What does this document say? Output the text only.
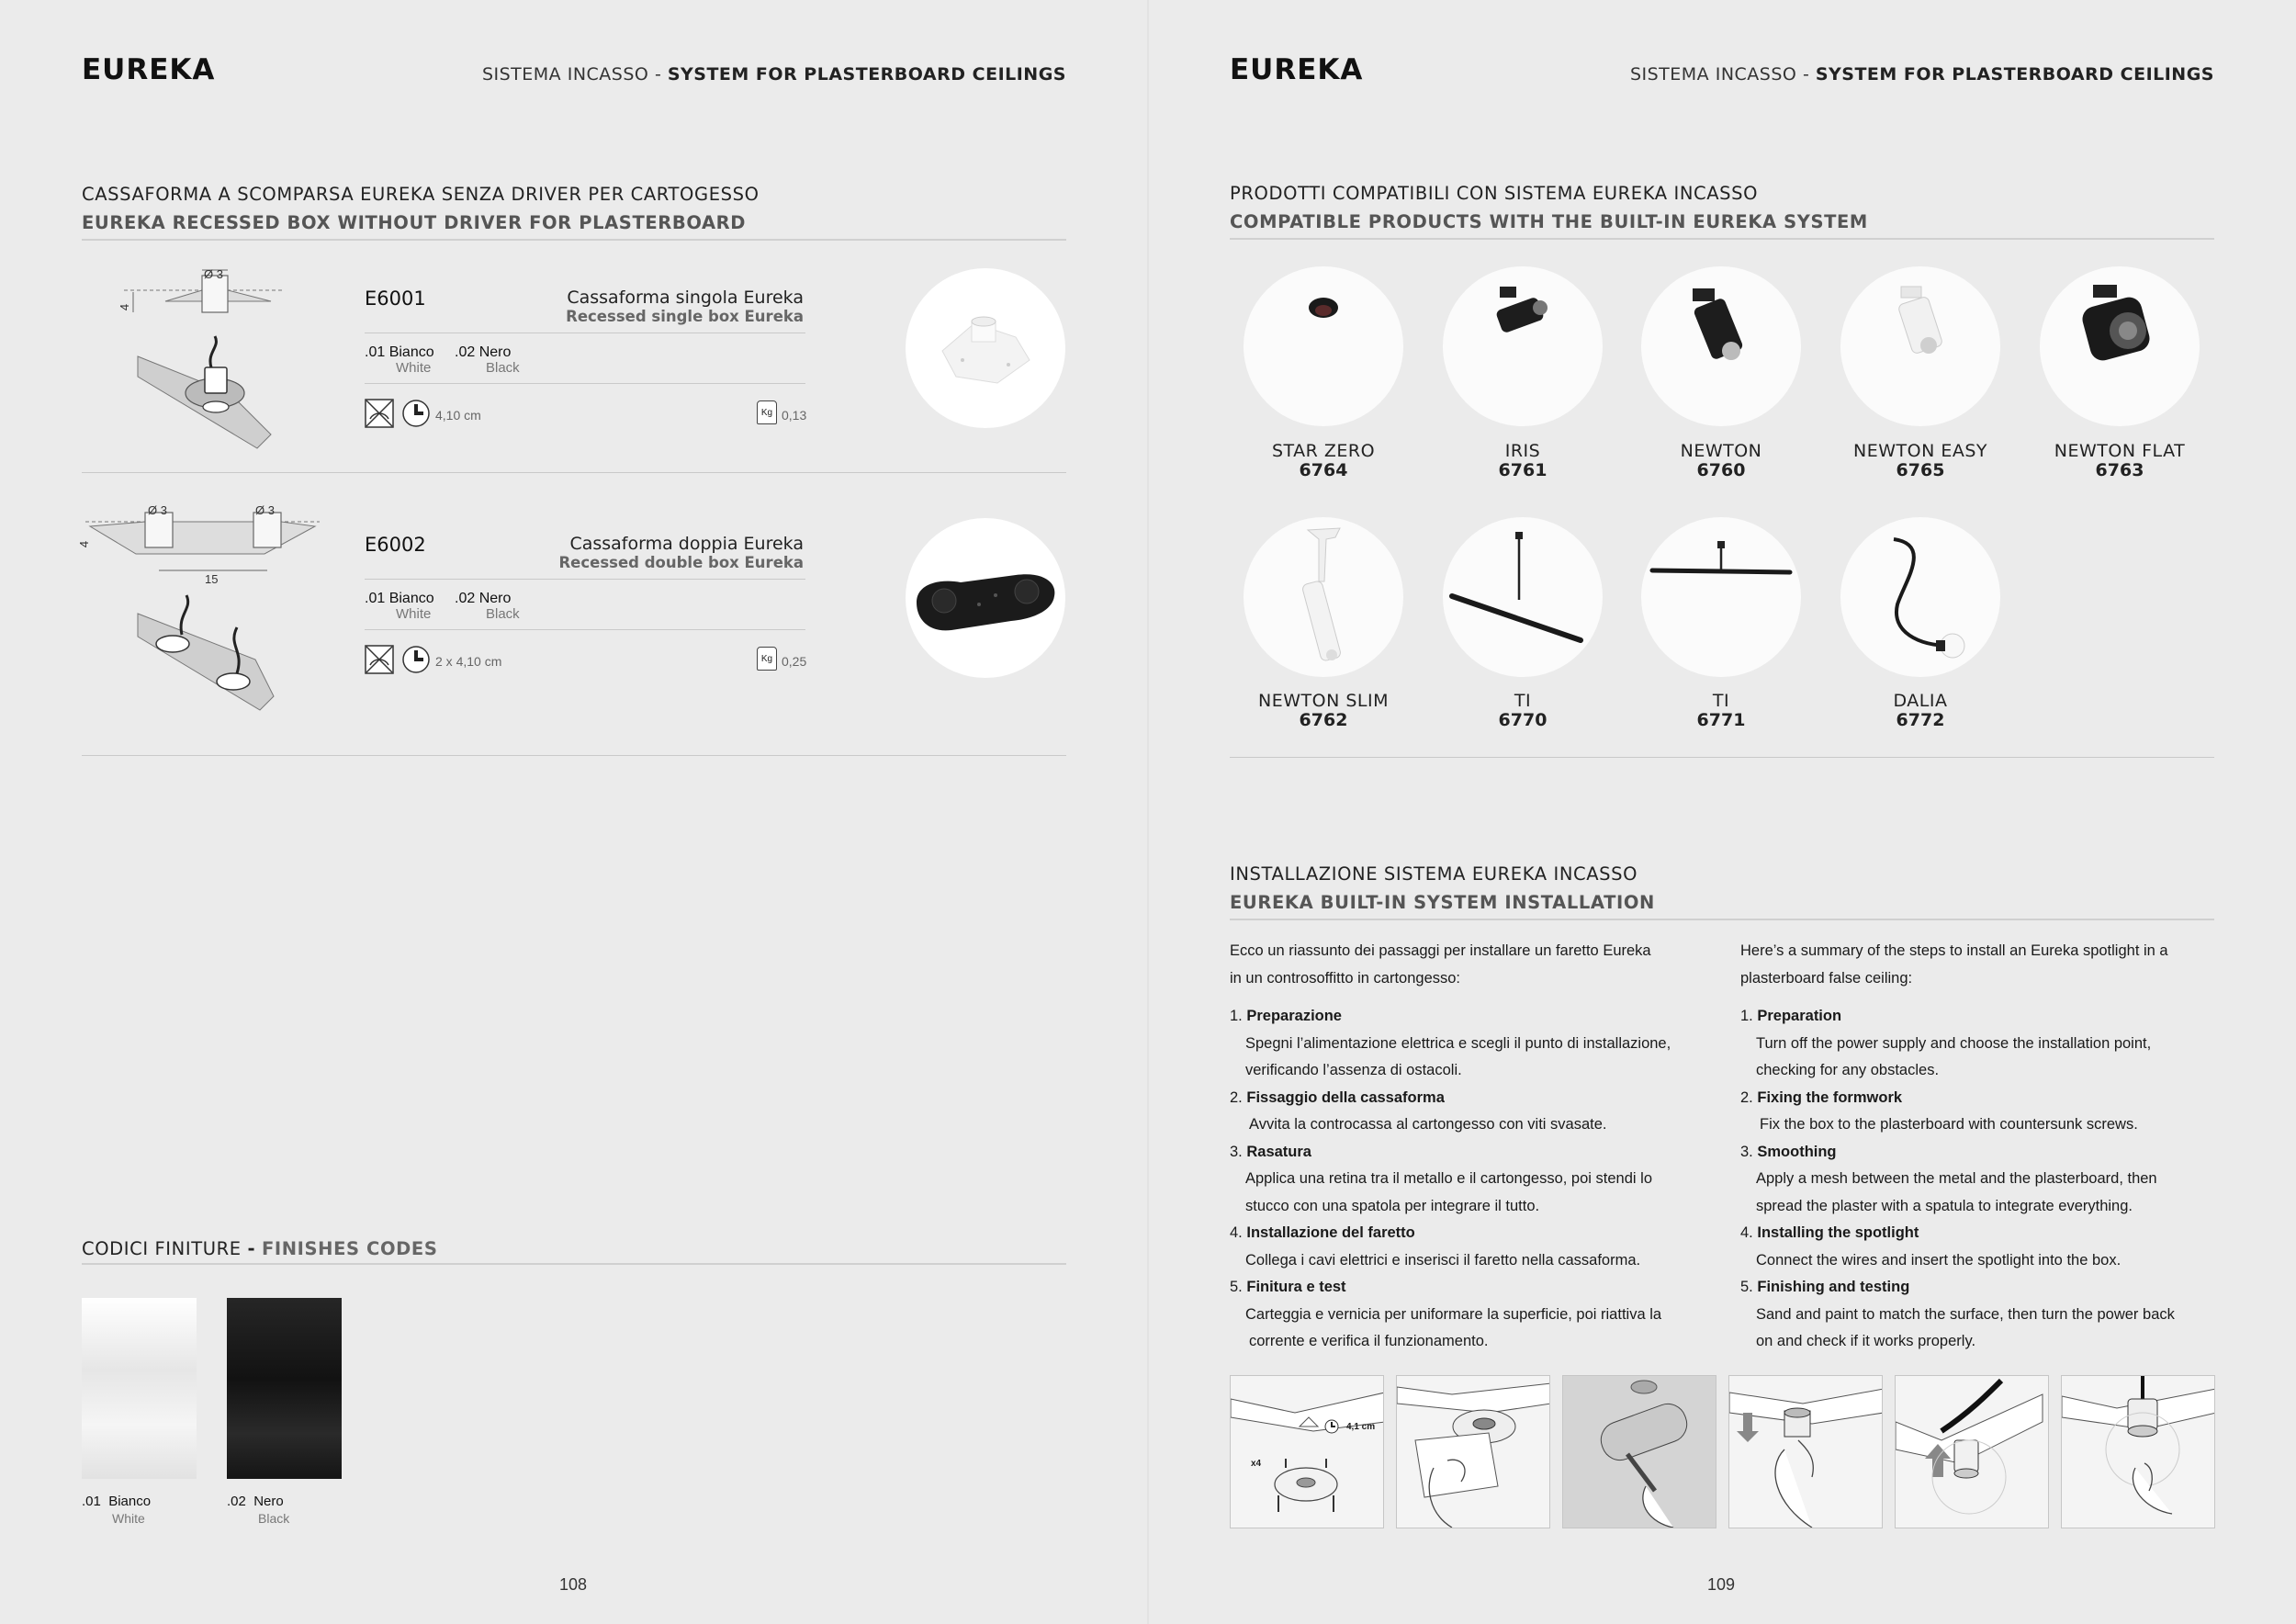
EUREKA	SISTEMA INCASSO - SYSTEM FOR PLASTERBOARD CEILINGS
CASSAFORMA A SCOMPARSA EUREKA SENZA DRIVER PER CARTOGESSO
EUREKA RECESSED BOX WITHOUT DRIVER FOR PLASTERBOARD
Ø 3
4	E6001	Cassaforma singola Eureka
Recessed single box Eureka
.01 Bianco
White
.02 Nero
Black
4,10 cm	Kg 0,13
Ø 3	Ø 3
4
15
E6002	Cassaforma doppia Eureka
Recessed double box Eureka
.01 Bianco
White
.02 Nero
Black
2 x 4,10 cm	Kg 0,25
CODICI FINITURE - FINISHES CODES
.01 Bianco
White
.02 Nero
Black
108
EUREKA	SISTEMA INCASSO - SYSTEM FOR PLASTERBOARD CEILINGS
PRODOTTI COMPATIBILI CON SISTEMA EUREKA INCASSO
COMPATIBLE PRODUCTS WITH THE BUILT-IN EUREKA SYSTEM
STAR ZERO
6764
IRIS
6761
NEWTON
6760
NEWTON EASY
6765
NEWTON FLAT
6763
NEWTON SLIM
6762
TI
6770
TI
6771
DALIA
6772
INSTALLAZIONE SISTEMA EUREKA INCASSO
EUREKA BUILT-IN SYSTEM INSTALLATION

Ecco un riassunto dei passaggi per installare un faretto Eureka

in un controsoffitto in cartongesso:

1. Preparazione

Spegni l’alimentazione elettrica e scegli il punto di installazione,

verificando l’assenza di ostacoli.

2. Fissaggio della cassaforma

Avvita la controcassa al cartongesso con viti svasate.

3. Rasatura

Applica una retina tra il metallo e il cartongesso, poi stendi lo

stucco con una spatola per integrare il tutto.

4. Installazione del faretto

Collega i cavi elettrici e inserisci il faretto nella cassaforma.

5. Finitura e test

Carteggia e vernicia per uniformare la superficie, poi riattiva la

corrente e verifica il funzionamento.

Here’s a summary of the steps to install an Eureka spotlight in a

plasterboard false ceiling:

1. Preparation

Turn off the power supply and choose the installation point,

checking for any obstacles.

2. Fixing the formwork

Fix the box to the plasterboard with countersunk screws.

3. Smoothing

Apply a mesh between the metal and the plasterboard, then

spread the plaster with a spatula to integrate everything.

4. Installing the spotlight

Connect the wires and insert the spotlight into the box.

5. Finishing and testing

Sand and paint to match the surface, then turn the power back

on and check if it works properly.

4,1 cm
x4
109
